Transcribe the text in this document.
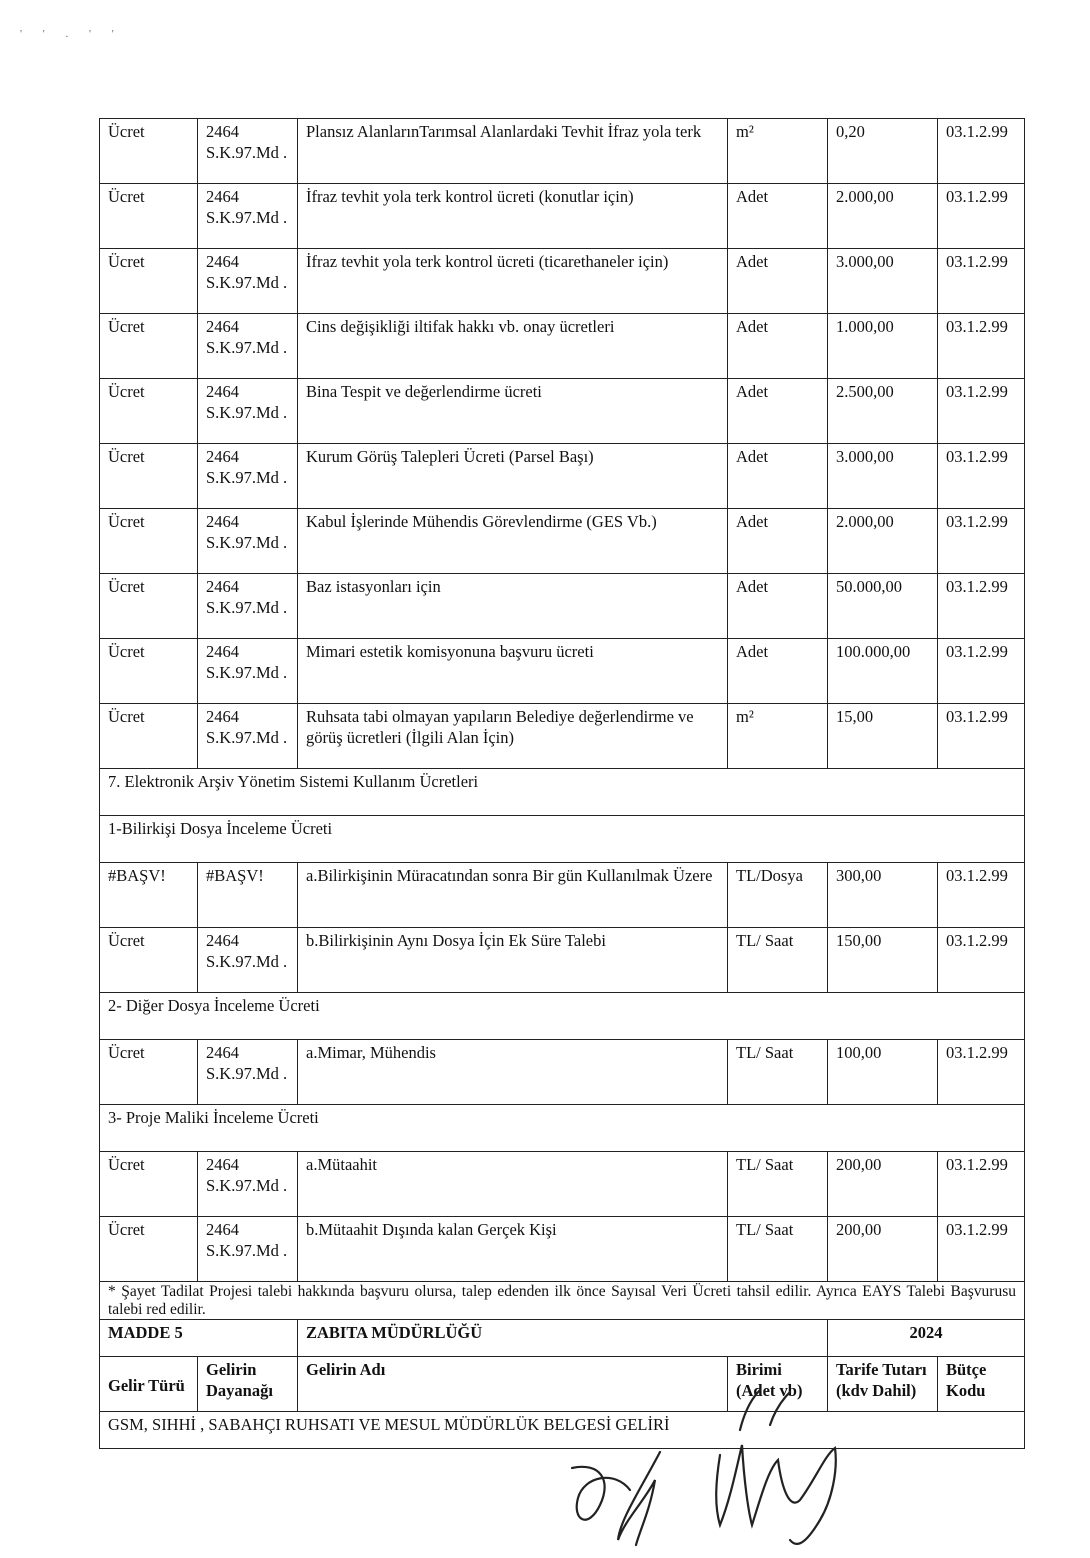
' ' . ' '
Ücret	2464 S.K.97.Md .	Plansız AlanlarınTarımsal Alanlardaki Tevhit İfraz yola terk	m²	0,20	03.1.2.99
Ücret	2464 S.K.97.Md .	İfraz tevhit yola terk kontrol ücreti (konutlar için)	Adet	2.000,00	03.1.2.99
Ücret	2464 S.K.97.Md .	İfraz tevhit yola terk kontrol ücreti (ticarethaneler için)	Adet	3.000,00	03.1.2.99
Ücret	2464 S.K.97.Md .	Cins değişikliği iltifak hakkı vb. onay ücretleri	Adet	1.000,00	03.1.2.99
Ücret	2464 S.K.97.Md .	Bina Tespit ve değerlendirme ücreti	Adet	2.500,00	03.1.2.99
Ücret	2464 S.K.97.Md .	Kurum Görüş Talepleri Ücreti (Parsel Başı)	Adet	3.000,00	03.1.2.99
Ücret	2464 S.K.97.Md .	Kabul İşlerinde Mühendis Görevlendirme (GES Vb.)	Adet	2.000,00	03.1.2.99
Ücret	2464 S.K.97.Md .	Baz istasyonları için	Adet	50.000,00	03.1.2.99
Ücret	2464 S.K.97.Md .	Mimari estetik komisyonuna başvuru ücreti	Adet	100.000,00	03.1.2.99
Ücret	2464 S.K.97.Md .	Ruhsata tabi olmayan yapıların Belediye değerlendirme ve görüş ücretleri (İlgili Alan İçin)	m²	15,00	03.1.2.99
7. Elektronik Arşiv Yönetim Sistemi Kullanım Ücretleri					
1-Bilirkişi Dosya İnceleme Ücreti					
#BAŞV!	#BAŞV!	a.Bilirkişinin Müracatından sonra Bir gün Kullanılmak Üzere	TL/Dosya	300,00	03.1.2.99
Ücret	2464 S.K.97.Md .	b.Bilirkişinin Aynı Dosya İçin Ek Süre Talebi	TL/ Saat	150,00	03.1.2.99
2- Diğer Dosya İnceleme Ücreti					
Ücret	2464 S.K.97.Md .	a.Mimar, Mühendis	TL/ Saat	100,00	03.1.2.99
3- Proje Maliki İnceleme Ücreti					
Ücret	2464 S.K.97.Md .	a.Mütaahit	TL/ Saat	200,00	03.1.2.99
Ücret	2464 S.K.97.Md .	b.Mütaahit Dışında kalan Gerçek Kişi	TL/ Saat	200,00	03.1.2.99
* Şayet Tadilat Projesi talebi hakkında başvuru olursa, talep edenden ilk önce Sayısal Veri Ücreti tahsil edilir. Ayrıca EAYS Talebi Başvurusu talebi red edilir.					
MADDE 5		ZABITA MÜDÜRLÜĞÜ		2024	

Gelir Türü	Gelirin Dayanağı	Gelirin Adı	Birimi (Adet vb)	Tarife Tutarı (kdv Dahil)	Bütçe Kodu
GSM, SIHHİ , SABAHÇI RUHSATI VE MESUL MÜDÜRLÜK BELGESİ GELİRİ					
